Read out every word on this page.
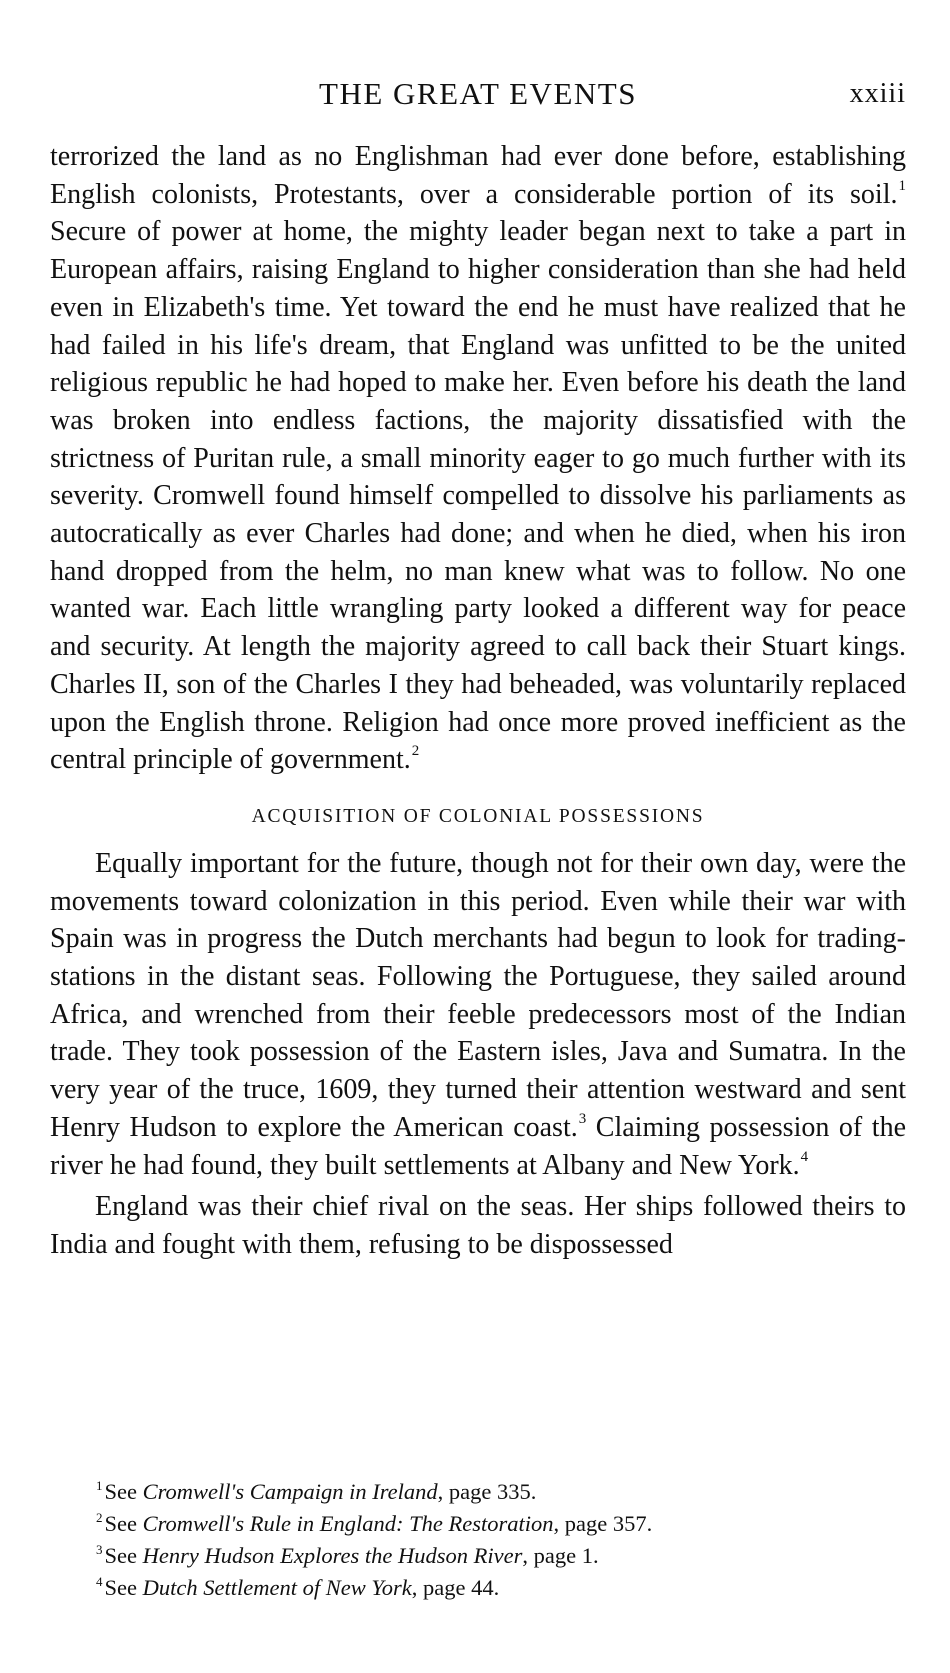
THE GREAT EVENTS	xxiii

terrorized the land as no Englishman had ever done before, establishing English colonists, Protestants, over a considerable portion of its soil.$^1$ Secure of power at home, the mighty leader began next to take a part in European affairs, raising England to higher consideration than she had held even in Elizabeth's time. Yet toward the end he must have realized that he had failed in his life's dream, that England was unfitted to be the united religious republic he had hoped to make her. Even before his death the land was broken into endless factions, the majority dissatisfied with the strictness of Puritan rule, a small minority eager to go much further with its severity. Cromwell found himself compelled to dissolve his parliaments as autocratically as ever Charles had done; and when he died, when his iron hand dropped from the helm, no man knew what was to follow. No one wanted war. Each little wrangling party looked a different way for peace and security. At length the majority agreed to call back their Stuart kings. Charles II, son of the Charles I they had beheaded, was voluntarily replaced upon the English throne. Religion had once more proved inefficient as the central principle of government.$^2$

ACQUISITION OF COLONIAL POSSESSIONS

Equally important for the future, though not for their own day, were the movements toward colonization in this period. Even while their war with Spain was in progress the Dutch merchants had begun to look for trading-stations in the distant seas. Following the Portuguese, they sailed around Africa, and wrenched from their feeble predecessors most of the Indian trade. They took possession of the Eastern isles, Java and Sumatra. In the very year of the truce, 1609, they turned their attention westward and sent Henry Hudson to explore the American coast.$^3$ Claiming possession of the river he had found, they built settlements at Albany and New York.$^4$

England was their chief rival on the seas. Her ships followed theirs to India and fought with them, refusing to be dispossessed

$^1$See Cromwell's Campaign in Ireland, page 335.
$^2$See Cromwell's Rule in England: The Restoration, page 357.
$^3$See Henry Hudson Explores the Hudson River, page 1.
$^4$See Dutch Settlement of New York, page 44.
